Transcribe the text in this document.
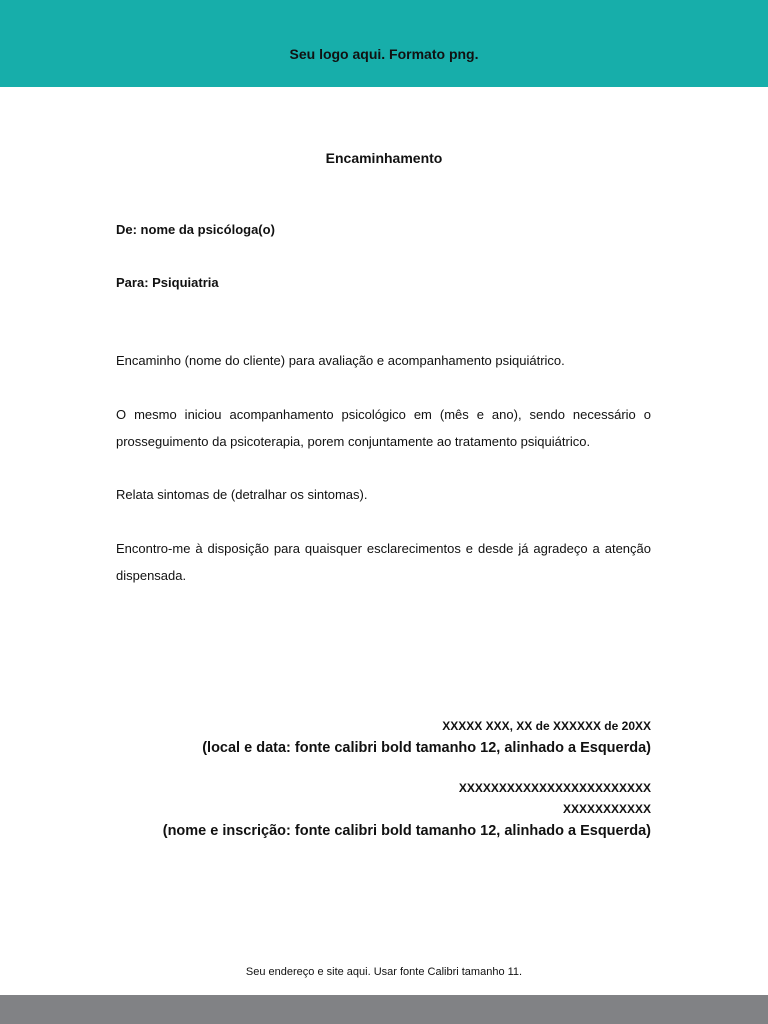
Seu logo aqui. Formato png.
Encaminhamento
De: nome da psicóloga(o)
Para: Psiquiatria
Encaminho (nome do cliente) para avaliação e acompanhamento psiquiátrico.
O mesmo iniciou acompanhamento psicológico em (mês e ano), sendo necessário o prosseguimento da psicoterapia, porem conjuntamente ao tratamento psiquiátrico.
Relata sintomas de (detralhar os sintomas).
Encontro-me à disposição para quaisquer esclarecimentos e desde já agradeço a atenção dispensada.
XXXXX XXX, XX de XXXXXX de 20XX
(local e data: fonte calibri bold tamanho 12, alinhado a Esquerda)
XXXXXXXXXXXXXXXXXXXXXXXX
XXXXXXXXXXX
(nome e inscrição: fonte calibri bold tamanho 12, alinhado a Esquerda)
Seu endereço e site aqui. Usar fonte Calibri tamanho 11.
